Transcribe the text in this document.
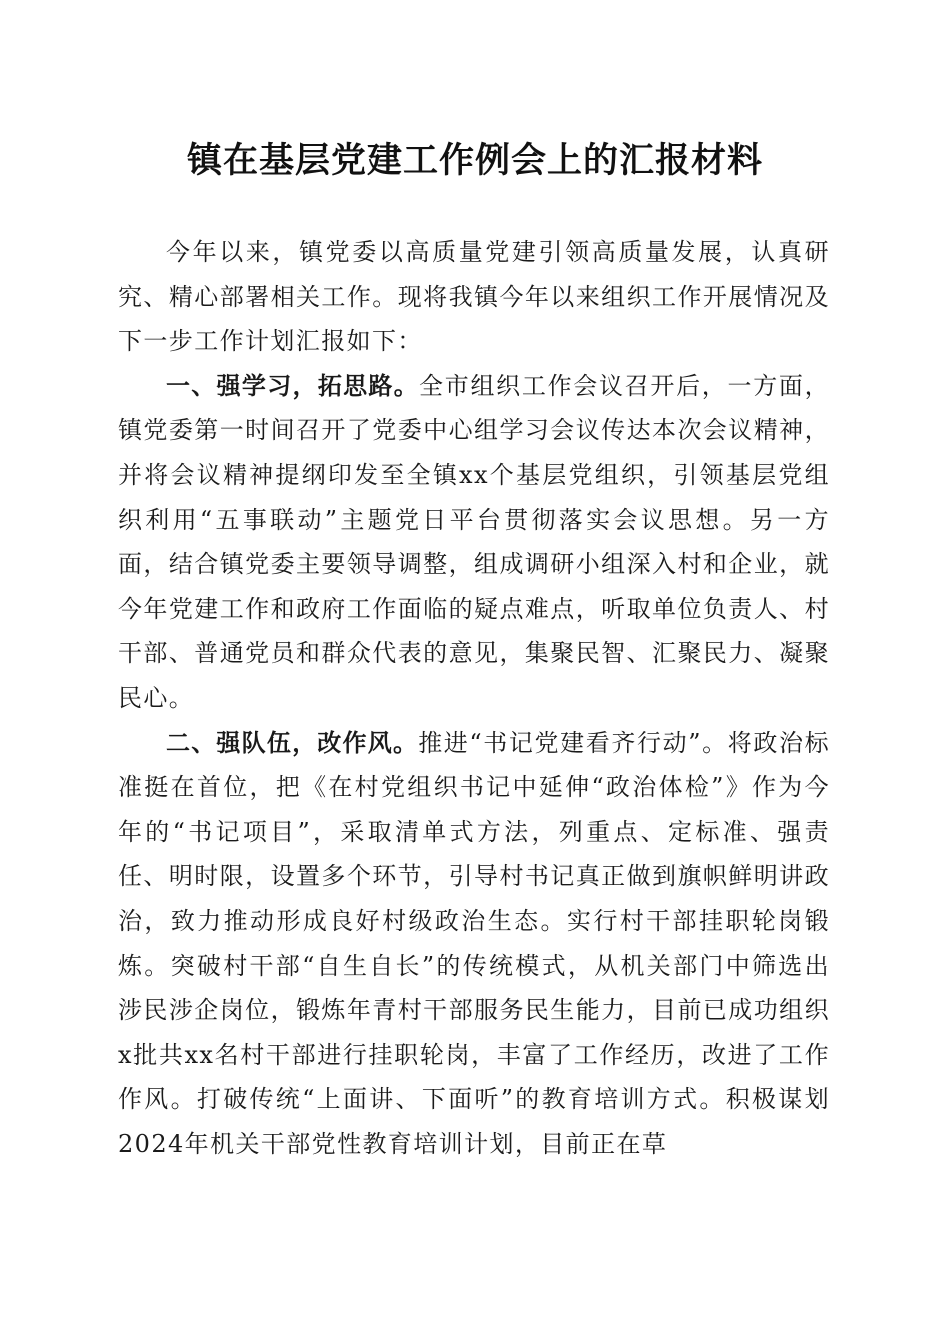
镇在基层党建工作例会上的汇报材料

今年以来，镇党委以高质量党建引领高质量发展，认真研究、精心部署相关工作。现将我镇今年以来组织工作开展情况及下一步工作计划汇报如下：

一、强学习，拓思路。全市组织工作会议召开后，一方面，镇党委第一时间召开了党委中心组学习会议传达本次会议精神，并将会议精神提纲印发至全镇xx个基层党组织，引领基层党组织利用“五事联动”主题党日平台贯彻落实会议思想。另一方面，结合镇党委主要领导调整，组成调研小组深入村和企业，就今年党建工作和政府工作面临的疑点难点，听取单位负责人、村干部、普通党员和群众代表的意见，集聚民智、汇聚民力、凝聚民心。

二、强队伍，改作风。推进“书记党建看齐行动”。将政治标准挺在首位，把《在村党组织书记中延伸“政治体检”》作为今年的“书记项目”，采取清单式方法，列重点、定标准、强责任、明时限，设置多个环节，引导村书记真正做到旗帜鲜明讲政治，致力推动形成良好村级政治生态。实行村干部挂职轮岗锻炼。突破村干部“自生自长”的传统模式，从机关部门中筛选出涉民涉企岗位，锻炼年青村干部服务民生能力，目前已成功组织x批共xx名村干部进行挂职轮岗，丰富了工作经历，改进了工作作风。打破传统“上面讲、下面听”的教育培训方式。积极谋划2024年机关干部党性教育培训计划，目前正在草
